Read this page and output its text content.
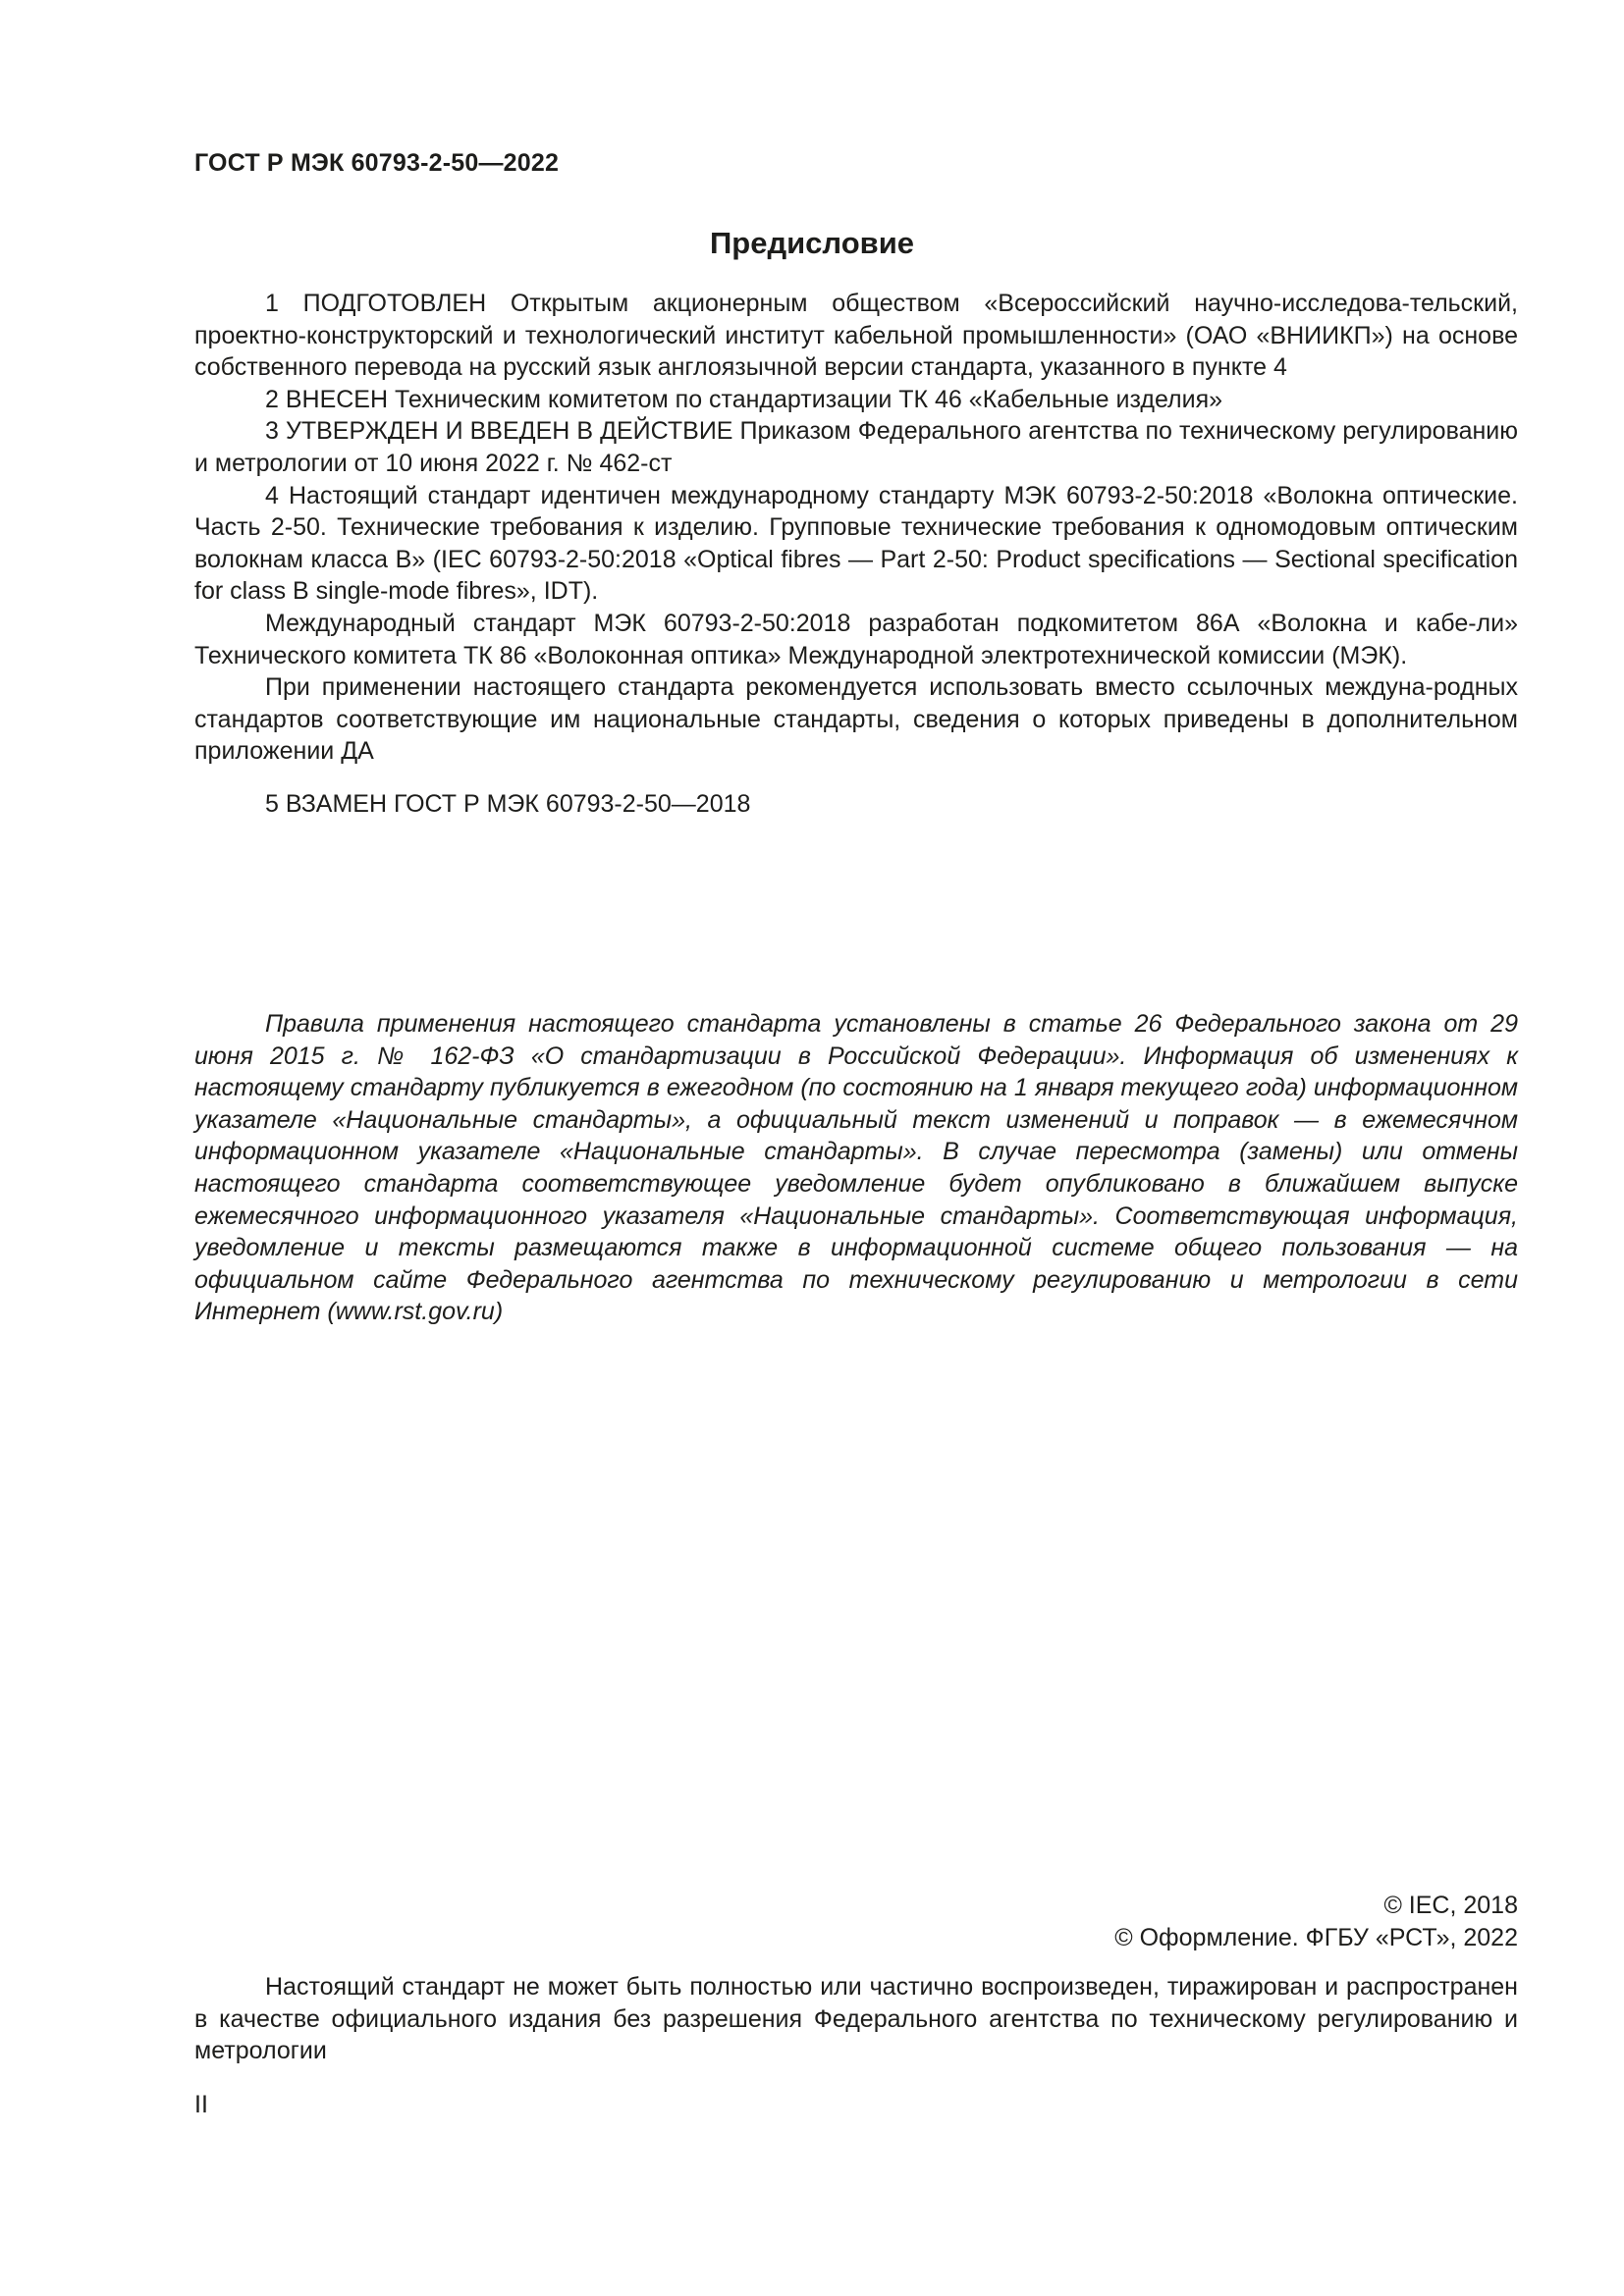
ГОСТ Р МЭК 60793-2-50—2022
Предисловие

1 ПОДГОТОВЛЕН Открытым акционерным обществом «Всероссийский научно-исследова-тельский, проектно-конструкторский и технологический институт кабельной промышленности» (ОАО «ВНИИКП») на основе собственного перевода на русский язык англоязычной версии стандарта, указанного в пункте 4

2 ВНЕСЕН Техническим комитетом по стандартизации ТК 46 «Кабельные изделия»

3 УТВЕРЖДЕН И ВВЕДЕН В ДЕЙСТВИЕ Приказом Федерального агентства по техническому регулированию и метрологии от 10 июня 2022 г. № 462-ст

4 Настоящий стандарт идентичен международному стандарту МЭК 60793-2-50:2018 «Волокна оптические. Часть 2-50. Технические требования к изделию. Групповые технические требования к одномодовым оптическим волокнам класса В» (IEC 60793-2-50:2018 «Optical fibres — Part 2-50: Product specifications — Sectional specification for class B single-mode fibres», IDT).

Международный стандарт МЭК 60793-2-50:2018 разработан подкомитетом 86А «Волокна и кабе-ли» Технического комитета ТК 86 «Волоконная оптика» Международной электротехнической комиссии (МЭК).

При применении настоящего стандарта рекомендуется использовать вместо ссылочных междунa-родных стандартов соответствующие им национальные стандарты, сведения о которых приведены в дополнительном приложении ДА

5 ВЗАМЕН ГОСТ Р МЭК 60793-2-50—2018

Правила применения настоящего стандарта установлены в статье 26 Федерального закона от 29 июня 2015 г. № 162-ФЗ «О стандартизации в Российской Федерации». Информация об изменениях к настоящему стандарту публикуется в ежегодном (по состоянию на 1 января текущего года) информационном указателе «Национальные стандарты», а официальный текст изменений и поправок — в ежемесячном информационном указателе «Национальные стандарты». В случае пересмотра (замены) или отмены настоящего стандарта соответствующее уведомление будет опубликовано в ближайшем выпуске ежемесячного информационного указателя «Национальные стандарты». Соответствующая информация, уведомление и тексты размещаются также в информационной системе общего пользования — на официальном сайте Федерального агентства по техническому регулированию и метрологии в сети Интернет (www.rst.gov.ru)

© IEC, 2018
© Оформление. ФГБУ «РСТ», 2022

Настоящий стандарт не может быть полностью или частично воспроизведен, тиражирован и распространен в качестве официального издания без разрешения Федерального агентства по техническому регулированию и метрологии

II
